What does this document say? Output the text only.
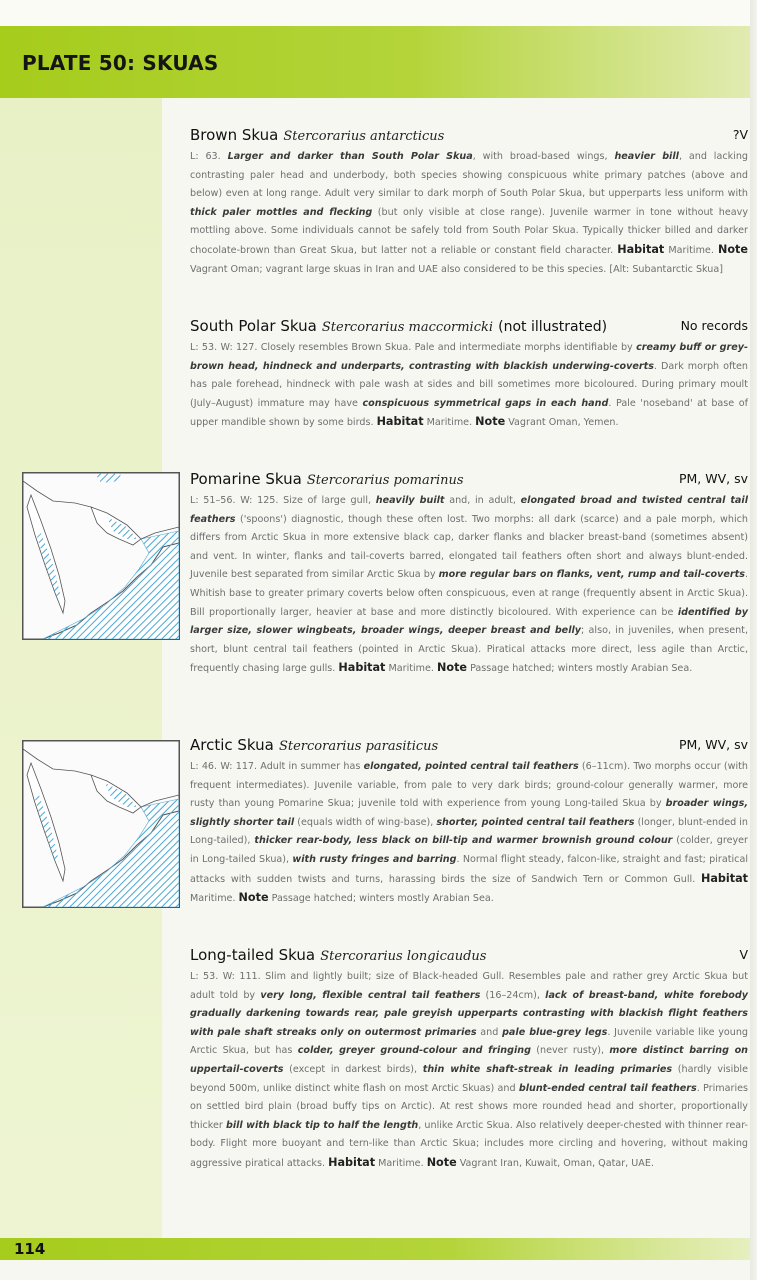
PLATE 50: SKUAS
Brown Skua Stercorarius antarcticus	?V
L: 63. Larger and darker than South Polar Skua, with broad-based wings, heavier bill, and lacking contrasting paler head and underbody, both species showing conspicuous white primary patches (above and below) even at long range. Adult very similar to dark morph of South Polar Skua, but upperparts less uniform with thick paler mottles and flecking (but only visible at close range). Juvenile warmer in tone without heavy mottling above. Some individuals cannot be safely told from South Polar Skua. Typically thicker billed and darker chocolate-brown than Great Skua, but latter not a reliable or constant field character. Habitat Maritime. Note Vagrant Oman; vagrant large skuas in Iran and UAE also considered to be this species. [Alt: Subantarctic Skua]
South Polar Skua Stercorarius maccormicki (not illustrated)	No records
L: 53. W: 127. Closely resembles Brown Skua. Pale and intermediate morphs identifiable by creamy buff or grey-brown head, hindneck and underparts, contrasting with blackish underwing-coverts. Dark morph often has pale forehead, hindneck with pale wash at sides and bill sometimes more bicoloured. During primary moult (July–August) immature may have conspicuous symmetrical gaps in each hand. Pale 'noseband' at base of upper mandible shown by some birds. Habitat Maritime. Note Vagrant Oman, Yemen.
Pomarine Skua Stercorarius pomarinus	PM, WV, sv
L: 51–56. W: 125. Size of large gull, heavily built and, in adult, elongated broad and twisted central tail feathers ('spoons') diagnostic, though these often lost. Two morphs: all dark (scarce) and a pale morph, which differs from Arctic Skua in more extensive black cap, darker flanks and blacker breast-band (sometimes absent) and vent. In winter, flanks and tail-coverts barred, elongated tail feathers often short and always blunt-ended. Juvenile best separated from similar Arctic Skua by more regular bars on flanks, vent, rump and tail-coverts. Whitish base to greater primary coverts below often conspicuous, even at range (frequently absent in Arctic Skua). Bill proportionally larger, heavier at base and more distinctly bicoloured. With experience can be identified by larger size, slower wingbeats, broader wings, deeper breast and belly; also, in juveniles, when present, short, blunt central tail feathers (pointed in Arctic Skua). Piratical attacks more direct, less agile than Arctic, frequently chasing large gulls. Habitat Maritime. Note Passage hatched; winters mostly Arabian Sea.
Arctic Skua Stercorarius parasiticus	PM, WV, sv
L: 46. W: 117. Adult in summer has elongated, pointed central tail feathers (6–11cm). Two morphs occur (with frequent intermediates). Juvenile variable, from pale to very dark birds; ground-colour generally warmer, more rusty than young Pomarine Skua; juvenile told with experience from young Long-tailed Skua by broader wings, slightly shorter tail (equals width of wing-base), shorter, pointed central tail feathers (longer, blunt-ended in Long-tailed), thicker rear-body, less black on bill-tip and warmer brownish ground colour (colder, greyer in Long-tailed Skua), with rusty fringes and barring. Normal flight steady, falcon-like, straight and fast; piratical attacks with sudden twists and turns, harassing birds the size of Sandwich Tern or Common Gull. Habitat Maritime. Note Passage hatched; winters mostly Arabian Sea.
Long-tailed Skua Stercorarius longicaudus	V
L: 53. W: 111. Slim and lightly built; size of Black-headed Gull. Resembles pale and rather grey Arctic Skua but adult told by very long, flexible central tail feathers (16–24cm), lack of breast-band, white forebody gradually darkening towards rear, pale greyish upperparts contrasting with blackish flight feathers with pale shaft streaks only on outermost primaries and pale blue-grey legs. Juvenile variable like young Arctic Skua, but has colder, greyer ground-colour and fringing (never rusty), more distinct barring on uppertail-coverts (except in darkest birds), thin white shaft-streak in leading primaries (hardly visible beyond 500m, unlike distinct white flash on most Arctic Skuas) and blunt-ended central tail feathers. Primaries on settled bird plain (broad buffy tips on Arctic). At rest shows more rounded head and shorter, proportionally thicker bill with black tip to half the length, unlike Arctic Skua. Also relatively deeper-chested with thinner rear-body. Flight more buoyant and tern-like than Arctic Skua; includes more circling and hovering, without making aggressive piratical attacks. Habitat Maritime. Note Vagrant Iran, Kuwait, Oman, Qatar, UAE.
114
